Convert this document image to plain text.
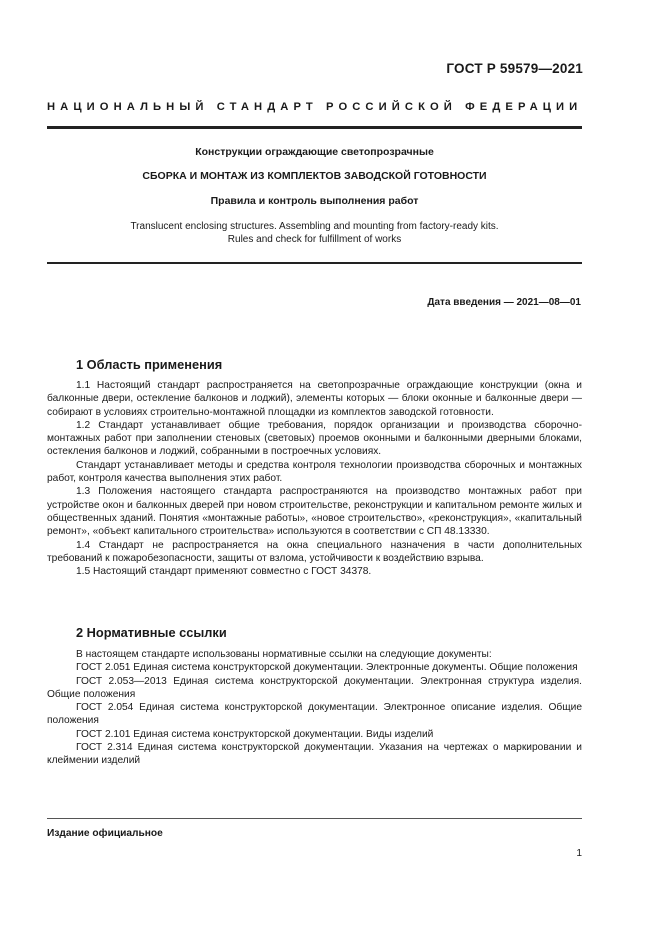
ГОСТ Р 59579—2021
НАЦИОНАЛЬНЫЙ СТАНДАРТ РОССИЙСКОЙ ФЕДЕРАЦИИ
Конструкции ограждающие светопрозрачные
СБОРКА И МОНТАЖ ИЗ КОМПЛЕКТОВ ЗАВОДСКОЙ ГОТОВНОСТИ
Правила и контроль выполнения работ
Translucent enclosing structures. Assembling and mounting from factory-ready kits.
Rules and check for fulfillment of works
Дата введения — 2021—08—01
1 Область применения

1.1 Настоящий стандарт распространяется на светопрозрачные ограждающие конструкции (окна и балконные двери, остекление балконов и лоджий), элементы которых — блоки оконные и балконные двери — собирают в условиях строительно-монтажной площадки из комплектов заводской готовности.

1.2 Стандарт устанавливает общие требования, порядок организации и производства сборочно-монтажных работ при заполнении стеновых (световых) проемов оконными и балконными дверными блоками, остекления балконов и лоджий, собранными в построечных условиях.

Стандарт устанавливает методы и средства контроля технологии производства сборочных и монтажных работ, контроля качества выполнения этих работ.

1.3 Положения настоящего стандарта распространяются на производство монтажных работ при устройстве окон и балконных дверей при новом строительстве, реконструкции и капитальном ремонте жилых и общественных зданий. Понятия «монтажные работы», «новое строительство», «реконструкция», «капитальный ремонт», «объект капитального строительства» используются в соответствии с СП 48.13330.

1.4 Стандарт не распространяется на окна специального назначения в части дополнительных требований к пожаробезопасности, защиты от взлома, устойчивости к воздействию взрыва.

1.5 Настоящий стандарт применяют совместно с ГОСТ 34378.

2 Нормативные ссылки

В настоящем стандарте использованы нормативные ссылки на следующие документы:

ГОСТ 2.051 Единая система конструкторской документации. Электронные документы. Общие положения

ГОСТ 2.053—2013 Единая система конструкторской документации. Электронная структура изделия. Общие положения

ГОСТ 2.054 Единая система конструкторской документации. Электронное описание изделия. Общие положения

ГОСТ 2.101 Единая система конструкторской документации. Виды изделий

ГОСТ 2.314 Единая система конструкторской документации. Указания на чертежах о маркировании и клеймении изделий

Издание официальное
1
